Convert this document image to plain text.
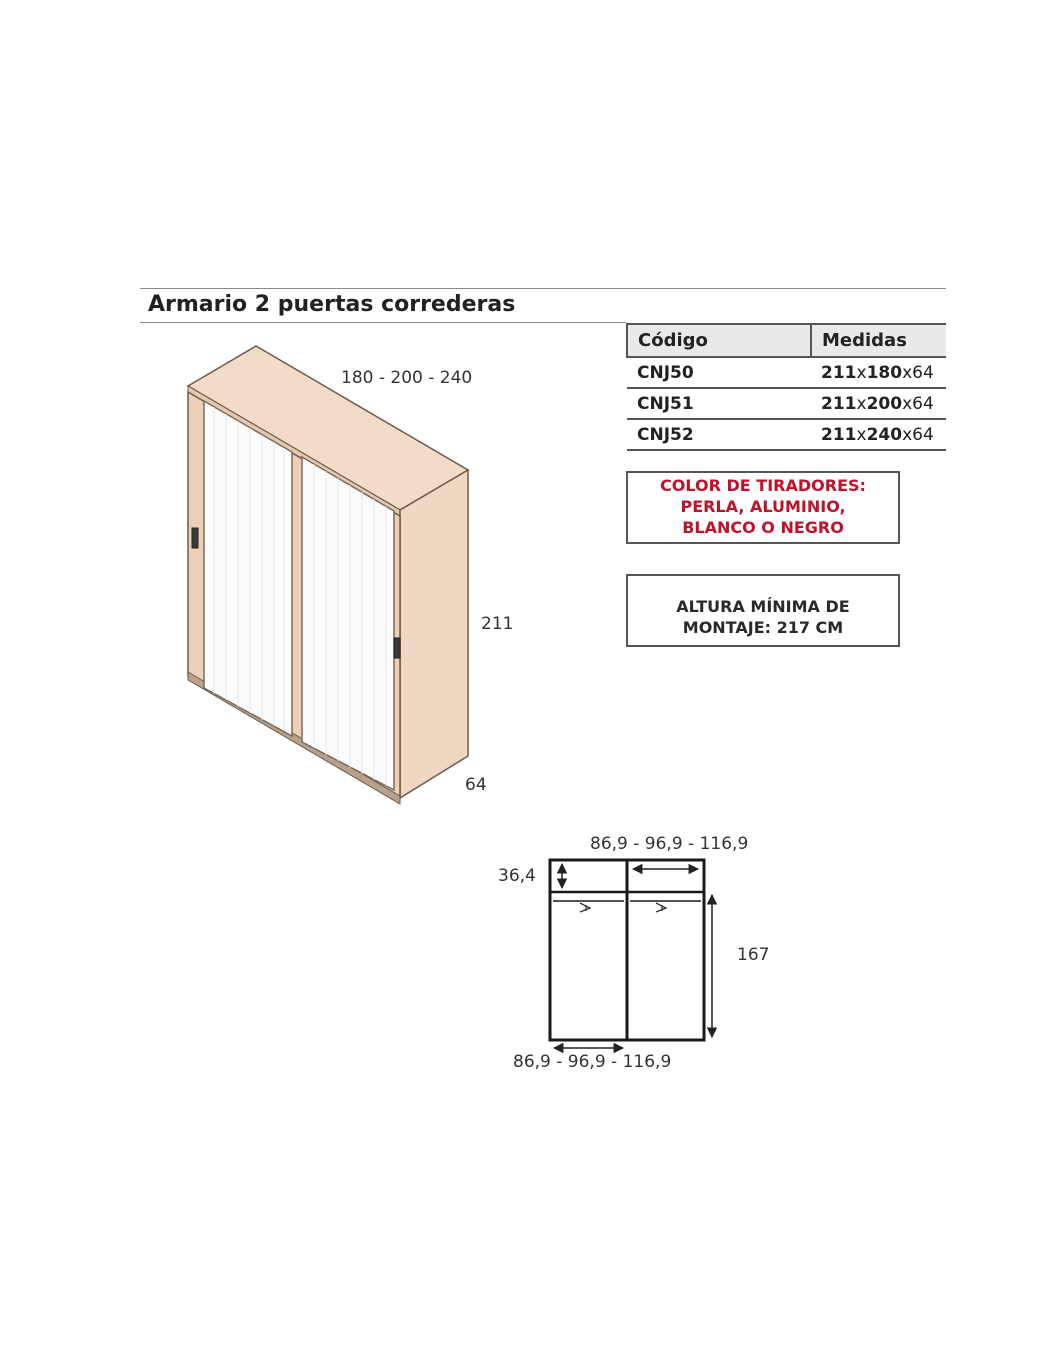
Armario 2 puertas correderas
Código	Medidas
CNJ50	211x180x64
CNJ51	211x200x64
CNJ52	211x240x64
COLOR DE TIRADORES:
PERLA, ALUMINIO,
BLANCO O NEGRO
ALTURA MÍNIMA DE
MONTAJE: 217 CM
180 - 200 - 240
211
64
86,9 - 96,9 - 116,9
36,4
167
86,9 - 96,9 - 116,9
